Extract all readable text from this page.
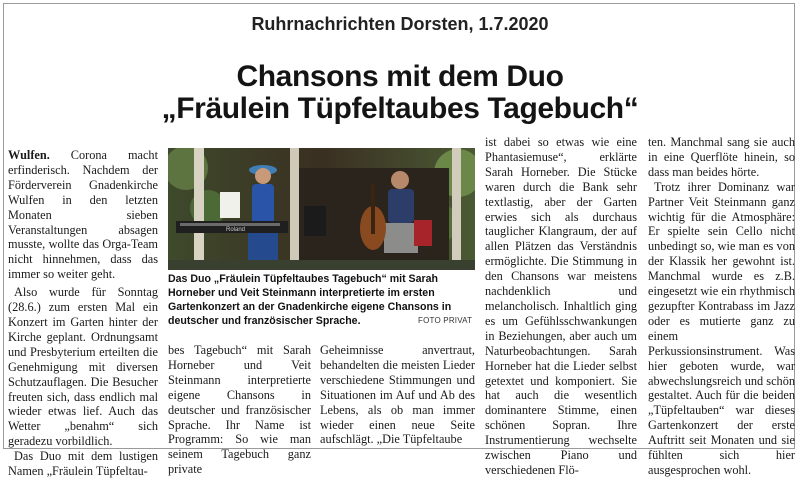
Ruhrnachrichten Dorsten, 1.7.2020
Chansons mit dem Duo
„Fräulein Tüpfeltaubes Tagebuch“

Wulfen. Corona macht erfinderisch. Nachdem der Förderverein Gnadenkirche Wulfen in den letzten Monaten sieben Veranstaltungen absagen musste, wollte das Orga-Team nicht hinnehmen, dass das immer so weiter geht.

Also wurde für Sonntag (28.6.) zum ersten Mal ein Konzert im Garten hinter der Kirche geplant. Ordnungsamt und Presbyterium erteilten die Genehmigung mit diversen Schutzauflagen. Die Besucher freuten sich, dass endlich mal wieder etwas lief. Auch das Wetter „benahm“ sich geradezu vorbildlich.

Das Duo mit dem lustigen Namen „Fräulein Tüpfeltau-

Roland
Das Duo „Fräulein Tüpfeltaubes Tagebuch“ mit Sarah Horneber und Veit Steinmann interpretierte im ersten Gartenkonzert an der Gnadenkirche eigene Chansons in deutscher und französischer Sprache.	FOTO PRIVAT

bes Tagebuch“ mit Sarah Horneber und Veit Steinmann interpretierte eigene Chansons in deutscher und französischer Sprache. Ihr Name ist Programm: So wie man seinem Tagebuch ganz private

Geheimnisse anvertraut, behandelten die meisten Lieder verschiedene Stimmungen und Situationen im Auf und Ab des Lebens, als ob man immer wieder einen neue Seite aufschlägt. „Die Tüpfeltaube

ist dabei so etwas wie eine Phantasiemuse“, erklärte Sarah Horneber. Die Stücke waren durch die Bank sehr textlastig, aber der Garten erwies sich als durchaus tauglicher Klangraum, der auf allen Plätzen das Verständnis ermöglichte. Die Stimmung in den Chansons war meistens nachdenklich und melancholisch. Inhaltlich ging es um Gefühlsschwankungen in Beziehungen, aber auch um Naturbeobachtungen. Sarah Horneber hat die Lieder selbst getextet und komponiert. Sie hat auch die wesentlich dominantere Stimme, einen schönen Sopran. Ihre Instrumentierung wechselte zwischen Piano und verschiedenen Flö-

ten. Manchmal sang sie auch in eine Querflöte hinein, so dass man beides hörte.

Trotz ihrer Dominanz war Partner Veit Steinmann ganz wichtig für die Atmosphäre: Er spielte sein Cello nicht unbedingt so, wie man es von der Klassik her gewohnt ist. Manchmal wurde es z.B. eingesetzt wie ein rhythmisch gezupfter Kontrabass im Jazz oder es mutierte ganz zu einem Perkussionsinstrument. Was hier geboten wurde, war abwechslungsreich und schön gestaltet. Auch für die beiden „Tüpfeltauben“ war dieses Gartenkonzert der erste Auftritt seit Monaten und sie fühlten sich hier ausgesprochen wohl.
